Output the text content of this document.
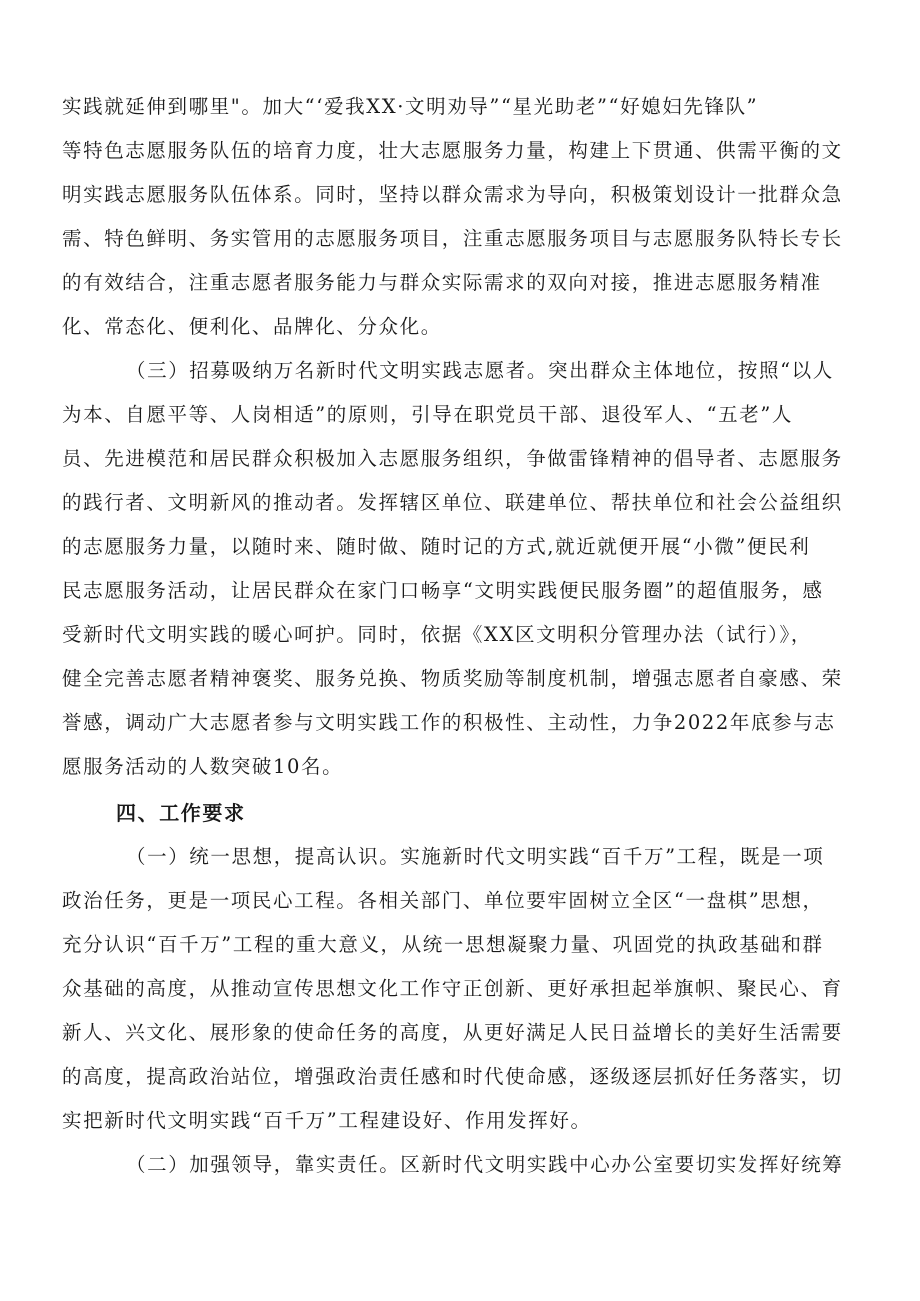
实践就延伸到哪里"。加大“‘爱我XX·文明劝导”“星光助老”“好媳妇先锋队”
等特色志愿服务队伍的培育力度，壮大志愿服务力量，构建上下贯通、供需平衡的文
明实践志愿服务队伍体系。同时，坚持以群众需求为导向，积极策划设计一批群众急
需、特色鲜明、务实管用的志愿服务项目，注重志愿服务项目与志愿服务队特长专长
的有效结合，注重志愿者服务能力与群众实际需求的双向对接，推进志愿服务精准
化、常态化、便利化、品牌化、分众化。
（三）招募吸纳万名新时代文明实践志愿者。突出群众主体地位，按照“以人
为本、自愿平等、人岗相适”的原则，引导在职党员干部、退役军人、“五老”人
员、先进模范和居民群众积极加入志愿服务组织，争做雷锋精神的倡导者、志愿服务
的践行者、文明新风的推动者。发挥辖区单位、联建单位、帮扶单位和社会公益组织
的志愿服务力量，以随时来、随时做、随时记的方式,就近就便开展“小微”便民利
民志愿服务活动，让居民群众在家门口畅享“文明实践便民服务圈”的超值服务，感
受新时代文明实践的暖心呵护。同时，依据《XX区文明积分管理办法（试行）》，
健全完善志愿者精神褒奖、服务兑换、物质奖励等制度机制，增强志愿者自豪感、荣
誉感，调动广大志愿者参与文明实践工作的积极性、主动性，力争2022年底参与志
愿服务活动的人数突破10名。
四、工作要求
（一）统一思想，提高认识。实施新时代文明实践“百千万”工程，既是一项
政治任务，更是一项民心工程。各相关部门、单位要牢固树立全区“一盘棋”思想，
充分认识“百千万”工程的重大意义，从统一思想凝聚力量、巩固党的执政基础和群
众基础的高度，从推动宣传思想文化工作守正创新、更好承担起举旗帜、聚民心、育
新人、兴文化、展形象的使命任务的高度，从更好满足人民日益增长的美好生活需要
的高度，提高政治站位，增强政治责任感和时代使命感，逐级逐层抓好任务落实，切
实把新时代文明实践“百千万”工程建设好、作用发挥好。
（二）加强领导，靠实责任。区新时代文明实践中心办公室要切实发挥好统筹
